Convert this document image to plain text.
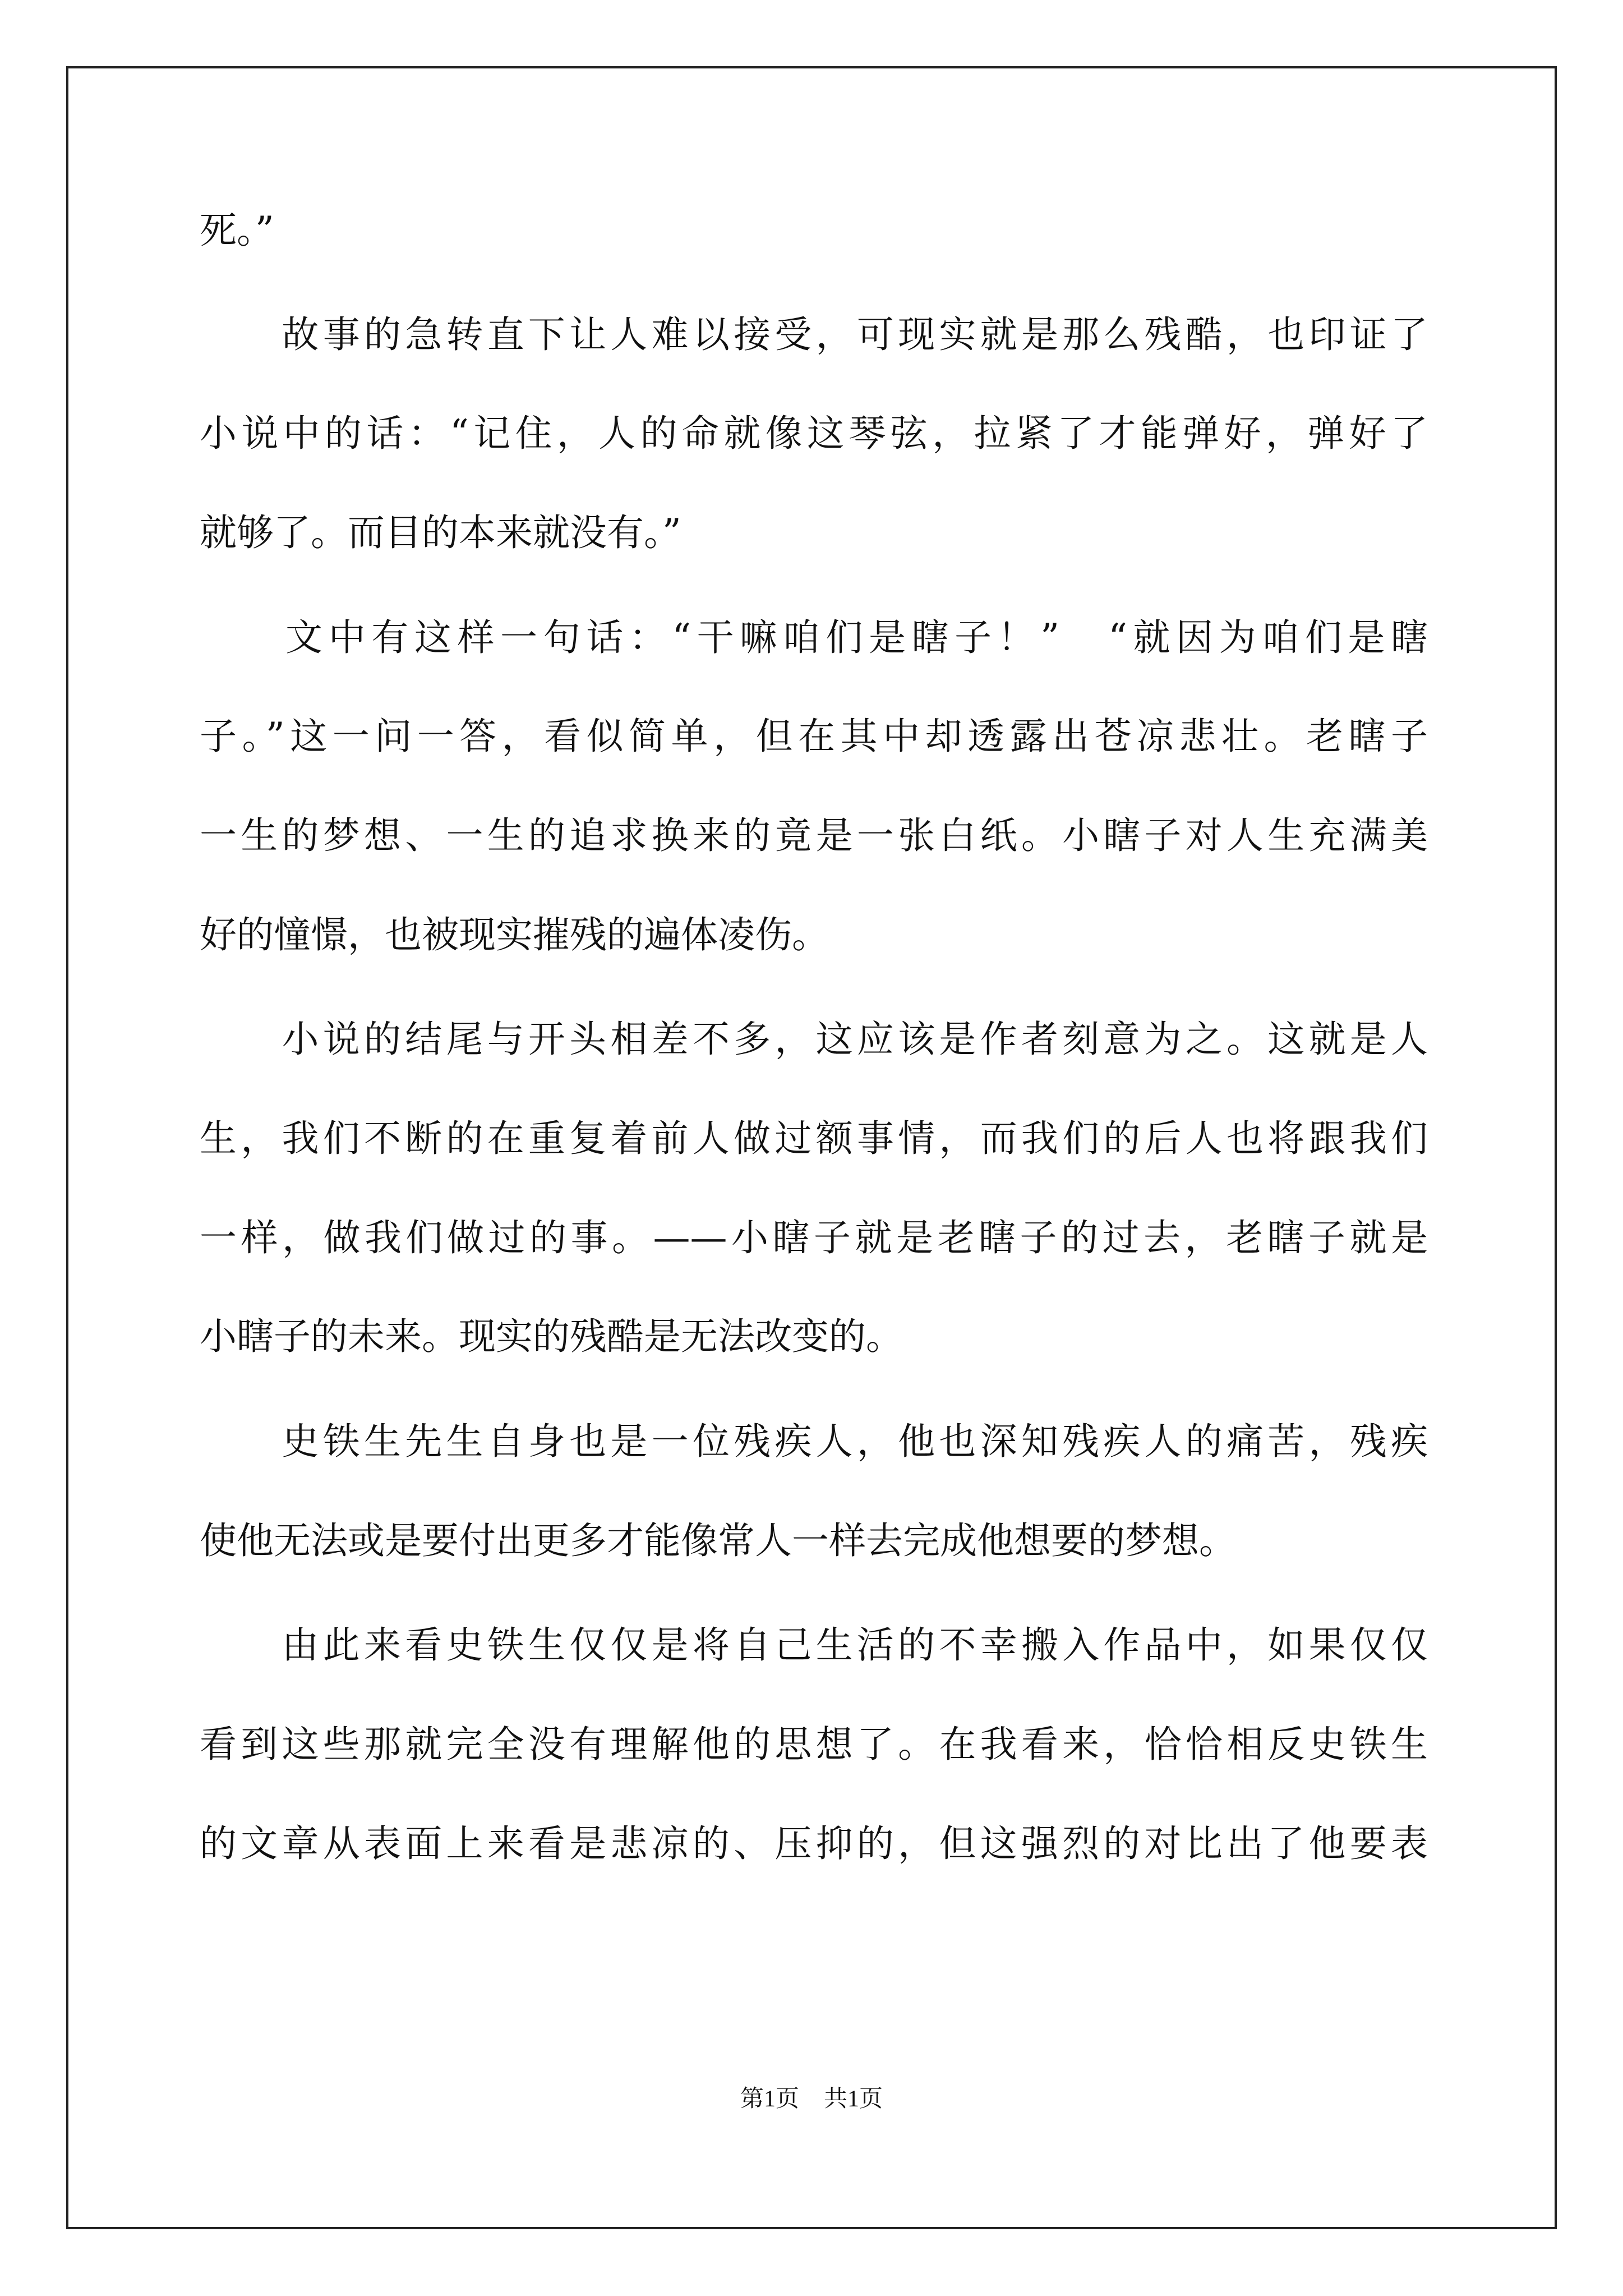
死。”
　　故事的急转直下让人难以接受，可现实就是那么残酷，也印证了
小说中的话：“记住，人的命就像这琴弦，拉紧了才能弹好，弹好了
就够了。而目的本来就没有。”
　　文中有这样一句话：“干嘛咱们是瞎子！”　“就因为咱们是瞎
子。”这一问一答，看似简单，但在其中却透露出苍凉悲壮。老瞎子
一生的梦想、一生的追求换来的竟是一张白纸。小瞎子对人生充满美
好的憧憬，也被现实摧残的遍体凌伤。
　　小说的结尾与开头相差不多，这应该是作者刻意为之。这就是人
生，我们不断的在重复着前人做过额事情，而我们的后人也将跟我们
一样，做我们做过的事。——小瞎子就是老瞎子的过去，老瞎子就是
小瞎子的未来。现实的残酷是无法改变的。
　　史铁生先生自身也是一位残疾人，他也深知残疾人的痛苦，残疾
使他无法或是要付出更多才能像常人一样去完成他想要的梦想。
　　由此来看史铁生仅仅是将自己生活的不幸搬入作品中，如果仅仅
看到这些那就完全没有理解他的思想了。在我看来，恰恰相反史铁生
的文章从表面上来看是悲凉的、压抑的，但这强烈的对比出了他要表
第1页 共1页
